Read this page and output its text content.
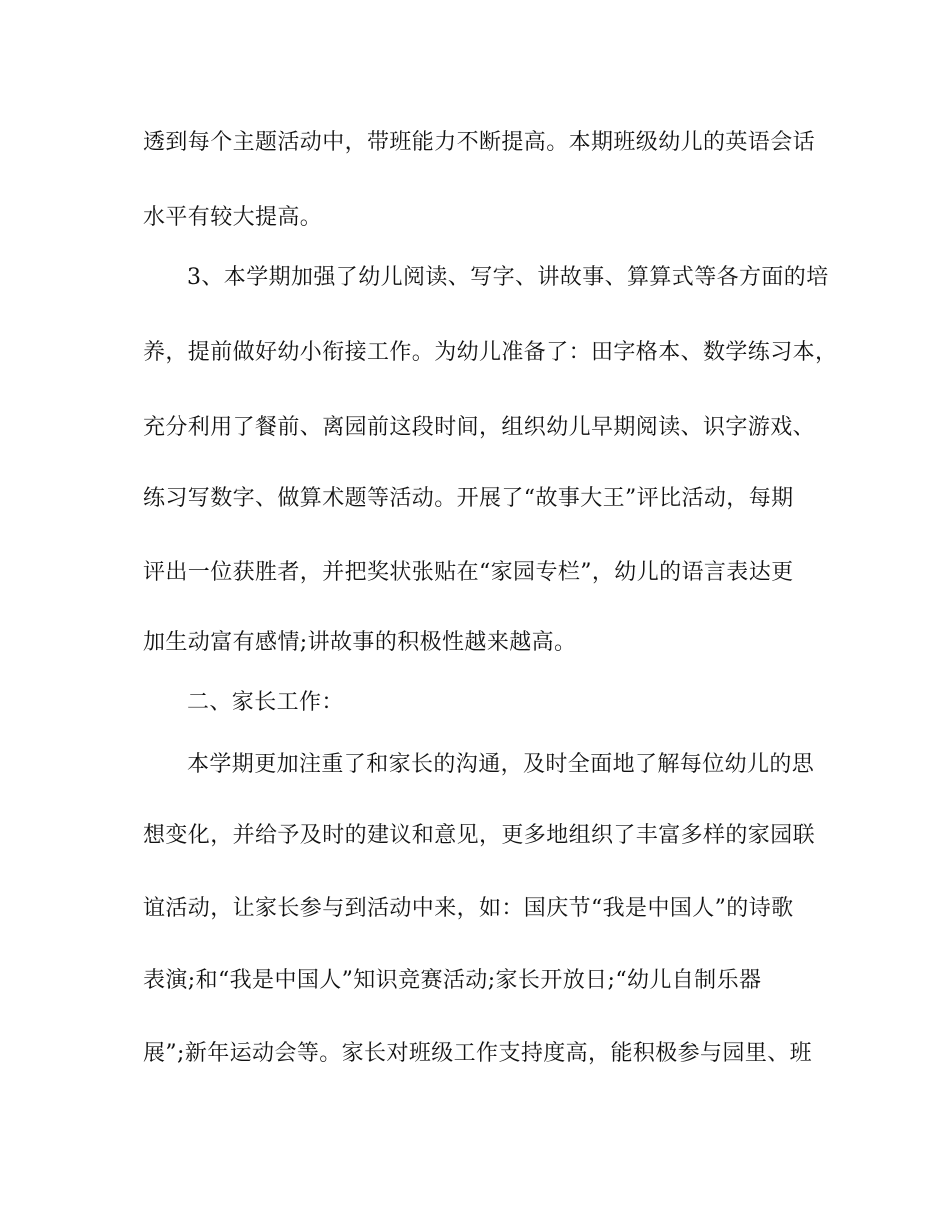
透到每个主题活动中，带班能力不断提高。本期班级幼儿的英语会话
水平有较大提高。
3、本学期加强了幼儿阅读、写字、讲故事、算算式等各方面的培
养，提前做好幼小衔接工作。为幼儿准备了：田字格本、数学练习本，
充分利用了餐前、离园前这段时间，组织幼儿早期阅读、识字游戏、
练习写数字、做算术题等活动。开展了“故事大王”评比活动，每期
评出一位获胜者，并把奖状张贴在“家园专栏”，幼儿的语言表达更
加生动富有感情;讲故事的积极性越来越高。
二、家长工作：
本学期更加注重了和家长的沟通，及时全面地了解每位幼儿的思
想变化，并给予及时的建议和意见，更多地组织了丰富多样的家园联
谊活动，让家长参与到活动中来，如：国庆节“我是中国人”的诗歌
表演;和“我是中国人”知识竞赛活动;家长开放日;“幼儿自制乐器
展”;新年运动会等。家长对班级工作支持度高，能积极参与园里、班
